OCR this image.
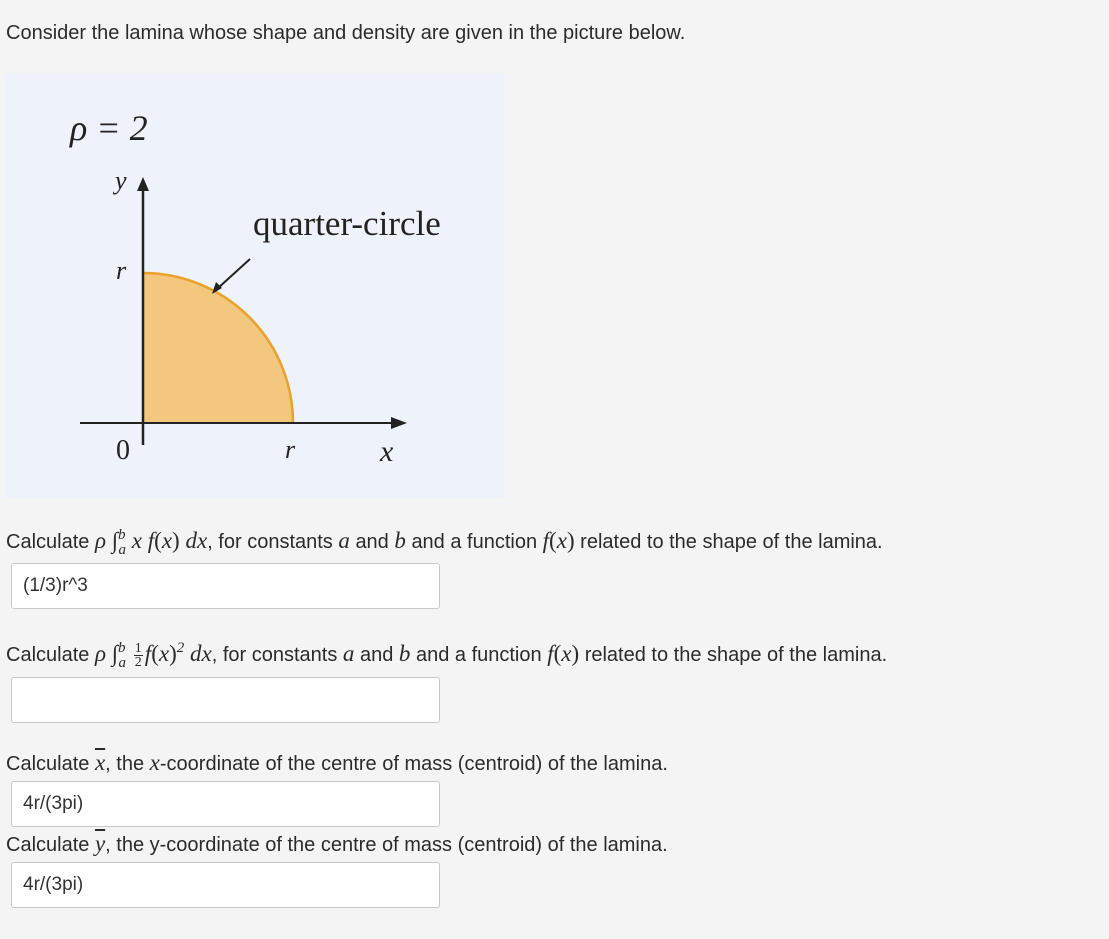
Consider the lamina whose shape and density are given in the picture below.
ρ = 2
y
r
quarter-circle
0	r	x
Calculate ρ ∫$^b_a$ x f(x) dx, for constants a and b and a function f(x) related to the shape of the lamina.
(1/3)r^3
Calculate ρ $\int^b_a \frac{1}{2} f(x)^2$ dx, for constants a and b and a function f(x) related to the shape of the lamina.
Calculate $\overline{x}$, the x-coordinate of the centre of mass (centroid) of the lamina.
4r/(3pi)
Calculate $\overline{y}$, the y-coordinate of the centre of mass (centroid) of the lamina.
4r/(3pi)
